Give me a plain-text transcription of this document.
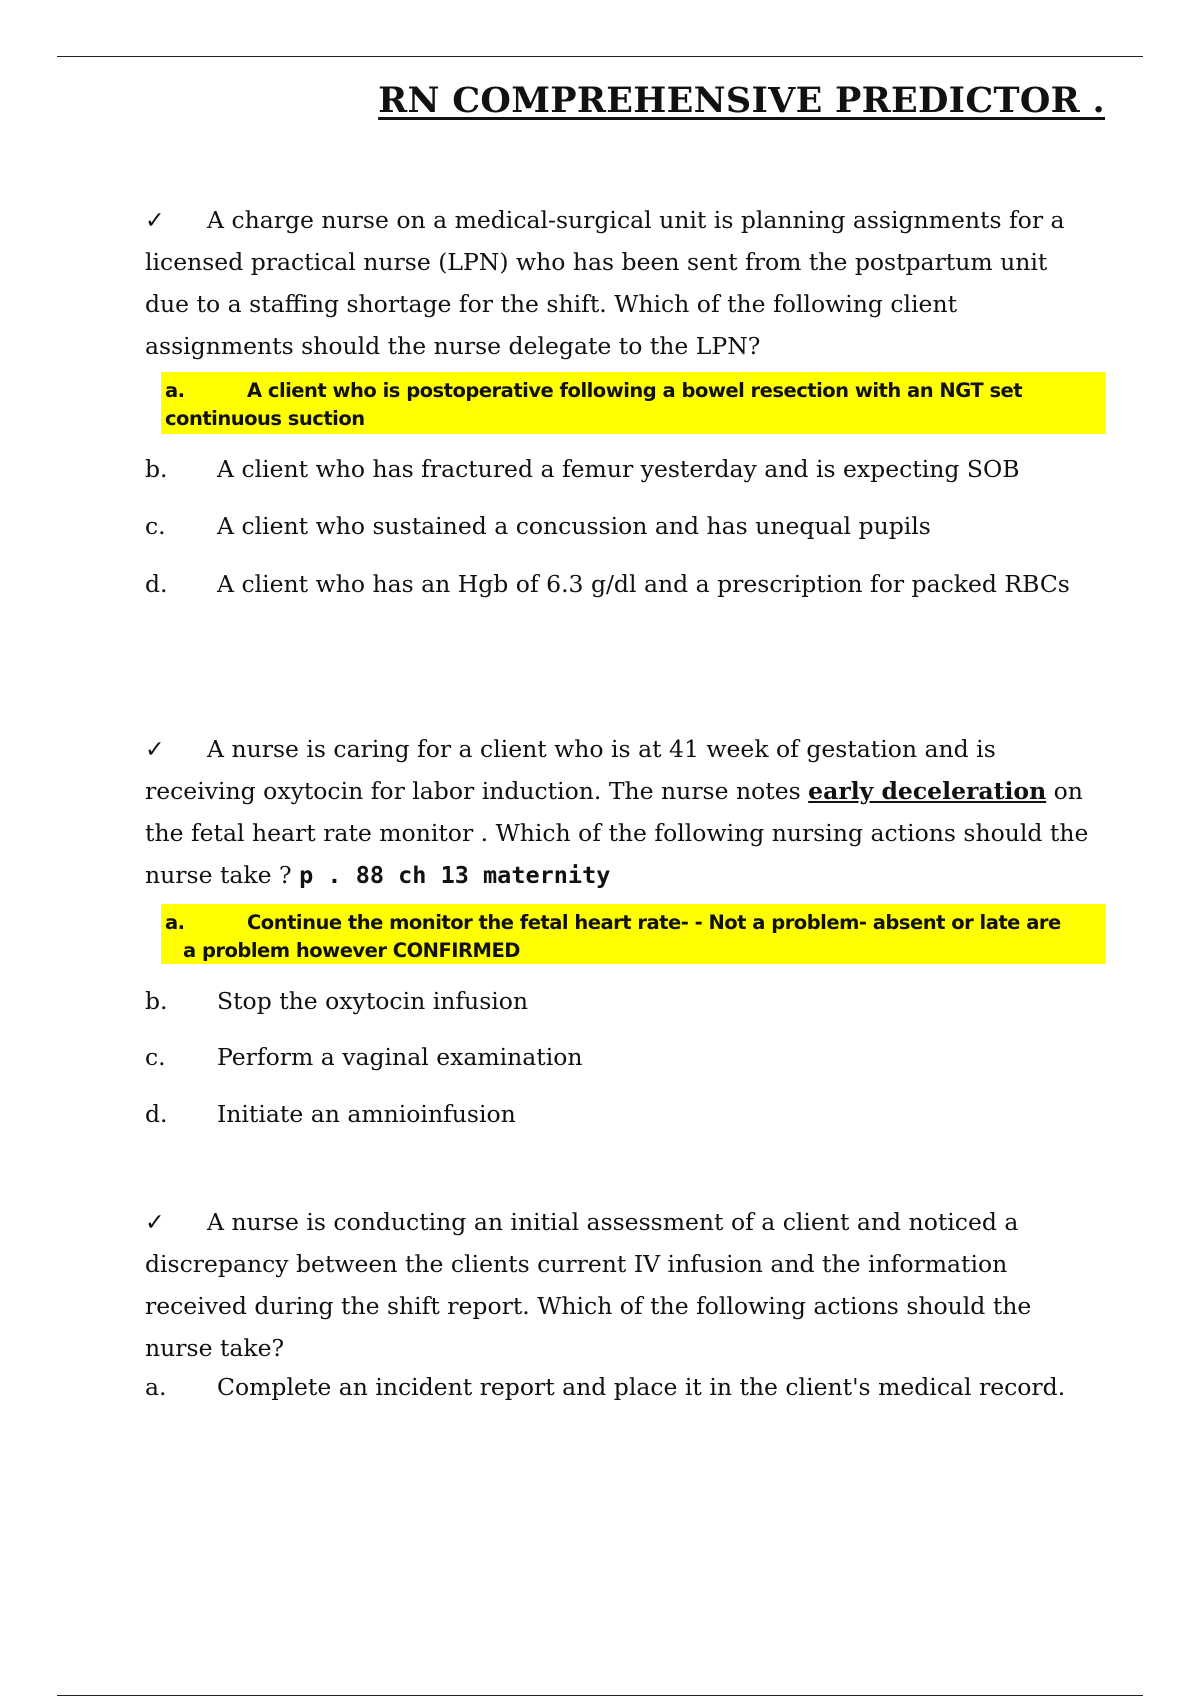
RN COMPREHENSIVE PREDICTOR .

✓ A charge nurse on a medical-surgical unit is planning assignments for a licensed practical nurse (LPN) who has been sent from the postpartum unit due to a staffing shortage for the shift. Which of the following client assignments should the nurse delegate to the LPN?

a.	A client who is postoperative following a bowel resection with an NGT set
continuous suction
b. A client who has fractured a femur yesterday and is expecting SOB
c. A client who sustained a concussion and has unequal pupils
d. A client who has an Hgb of 6.3 g/dl and a prescription for packed RBCs

✓ A nurse is caring for a client who is at 41 week of gestation and is receiving oxytocin for labor induction. The nurse notes early deceleration on the fetal heart rate monitor . Which of the following nursing actions should the nurse take ? p . 88 ch 13 maternity

a.	Continue the monitor the fetal heart rate- - Not a problem- absent or late are
a problem however CONFIRMED
b. Stop the oxytocin infusion
c. Perform a vaginal examination
d. Initiate an amnioinfusion

✓ A nurse is conducting an initial assessment of a client and noticed a discrepancy between the clients current IV infusion and the information received during the shift report. Which of the following actions should the nurse take?

a. Complete an incident report and place it in the client's medical record.
